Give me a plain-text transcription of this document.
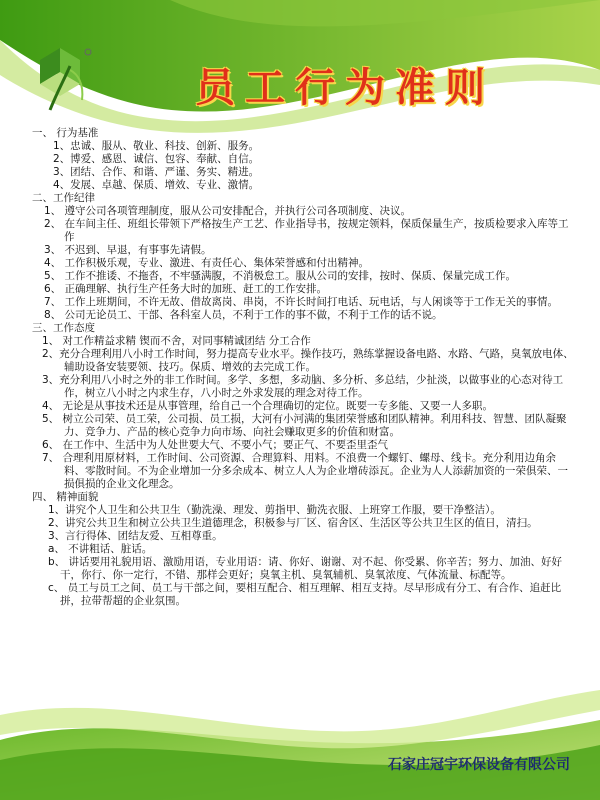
员工行为准则
一、 行为基准
1、忠诚、服从、敬业、科技、创新、服务。
2、博爱、感恩、诚信、包容、奉献、自信。
3、团结、合作、和谐、严谨、务实、精进。
4、发展、卓越、保质、增效、专业、激情。
二、工作纪律
1、 遵守公司各项管理制度，服从公司安排配合，并执行公司各项制度、决议。
2、 在车间主任、班组长带领下严格按生产工艺、作业指导书，按规定领料，保质保量生产，按质检要求入库等工作
3、 不迟到、早退，有事事先请假。
4、 工作积极乐观，专业、激进、有责任心、集体荣誉感和付出精神。
5、 工作不推诿、不拖沓，不牢骚满腹，不消极怠工。服从公司的安排，按时、保质、保量完成工作。
6、 正确理解、执行生产任务大时的加班、赶工的工作安排。
7、 工作上班期间，不许无故、借故离岗、串岗，不许长时间打电话、玩电话，与人闲谈等于工作无关的事情。
8、 公司无论员工、干部、各科室人员，不利于工作的事不做，不利于工作的话不说。
三、工作态度
1、 对工作精益求精 锲而不舍，对同事精诚团结 分工合作
2、充分合理利用八小时工作时间，努力提高专业水平。操作技巧，熟练掌握设备电路、水路、气路，臭氧放电体、辅助设备安装要领、技巧。保质、增效的去完成工作。
3、充分利用八小时之外的非工作时间。多学、多想，多动脑、多分析、多总结，少扯淡，以做事业的心态对待工作，树立八小时之内求生存，八小时之外求发展的理念对待工作。
4、 无论是从事技术还是从事管理，给自己一个合理确切的定位。既要一专多能、又要一人多职。
5、 树立公司荣、员工荣，公司损、员工损，大河有小河满的集团荣誉感和团队精神。利用科技、智慧、团队凝聚力、竞争力、产品的核心竞争力向市场、向社会赚取更多的价值和财富。
6、 在工作中、生活中为人处世要大气、不要小气；要正气、不要歪里歪气
7、 合理利用原材料，工作时间、公司资源、合理算料、用料。不浪费一个螺钉、螺母、线卡。充分利用边角余料、零散时间。不为企业增加一分多余成本、树立人人为企业增砖添瓦。企业为人人添薪加资的一荣俱荣、一损俱损的企业文化理念。
四、 精神面貌
1、讲究个人卫生和公共卫生（勤洗澡、理发、剪指甲、勤洗衣服、上班穿工作服，要干净整洁）。
2、讲究公共卫生和树立公共卫生道德理念，积极参与厂区、宿舍区、生活区等公共卫生区的值日，清扫。
3、言行得体、团结友爱、互相尊重。
a、 不讲粗话、脏话。
b、 讲话要用礼貌用语、激励用语，专业用语：请、你好、谢谢、对不起、你受累、你辛苦；努力、加油、好好干，你行、你一定行，不错、那样会更好；臭氧主机、臭氧辅机、臭氧浓度、气体流量、标配等。
c、 员工与员工之间、员工与干部之间，要相互配合、相互理解、相互支持。尽早形成有分工、有合作、追赶比拼，拉带帮超的企业氛围。
石家庄冠宇环保设备有限公司
